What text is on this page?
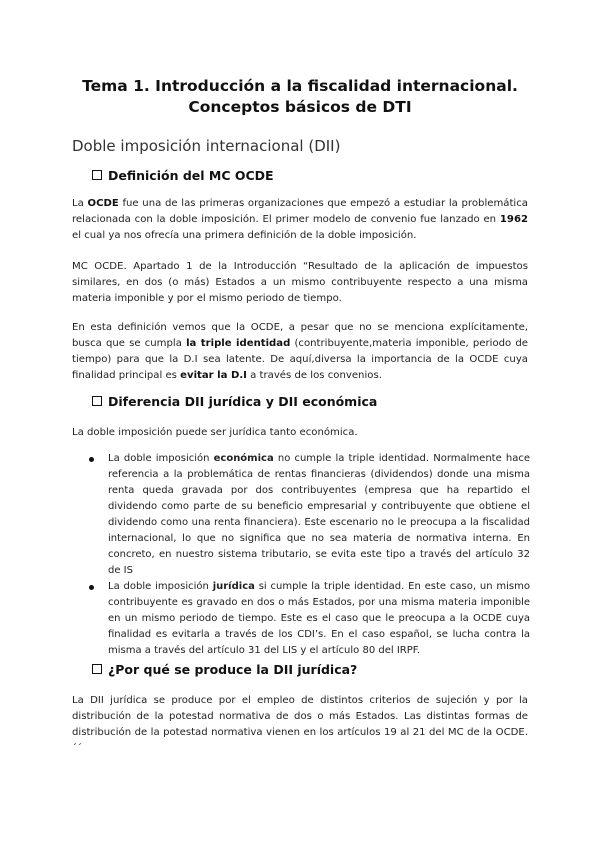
Tema 1. Introducción a la fiscalidad internacional.
Conceptos básicos de DTI
Doble imposición internacional (DII)
Definición del MC OCDE
La OCDE fue una de las primeras organizaciones que empezó a estudiar la problemática relacionada con la doble imposición. El primer modelo de convenio fue lanzado en 1962 el cual ya nos ofrecía una primera definición de la doble imposición.
MC OCDE. Apartado 1 de la Introducción “Resultado de la aplicación de impuestos similares, en dos (o más) Estados a un mismo contribuyente respecto a una misma materia imponible y por el mismo periodo de tiempo.
En esta definición vemos que la OCDE, a pesar que no se menciona explícitamente, busca que se cumpla la triple identidad (contribuyente,materia imponible, periodo de tiempo) para que la D.I sea latente. De aquí,diversa la importancia de la OCDE cuya finalidad principal es evitar la D.I a través de los convenios.
Diferencia DII jurídica y DII económica
La doble imposición puede ser jurídica tanto económica.
La doble imposición económica no cumple la triple identidad. Normalmente hace referencia a la problemática de rentas financieras (dividendos) donde una misma renta queda gravada por dos contribuyentes (empresa que ha repartido el dividendo como parte de su beneficio empresarial y contribuyente que obtiene el dividendo como una renta financiera). Este escenario no le preocupa a la fiscalidad internacional, lo que no significa que no sea materia de normativa interna. En concreto, en nuestro sistema tributario, se evita este tipo a través del artículo 32 de IS
La doble imposición jurídica si cumple la triple identidad. En este caso, un mismo contribuyente es gravado en dos o más Estados, por una misma materia imponible en un mismo periodo de tiempo. Este es el caso que le preocupa a la OCDE cuya finalidad es evitarla a través de los CDI’s. En el caso español, se lucha contra la misma a través del artículo 31 del LIS y el artículo 80 del IRPF.
¿Por qué se produce la DII jurídica?
La DII jurídica se produce por el empleo de distintos criterios de sujeción y por la distribución de la potestad normativa de dos o más Estados. Las distintas formas de distribución de la potestad normativa vienen en los artículos 19 al 21 del MC de la OCDE.´´
